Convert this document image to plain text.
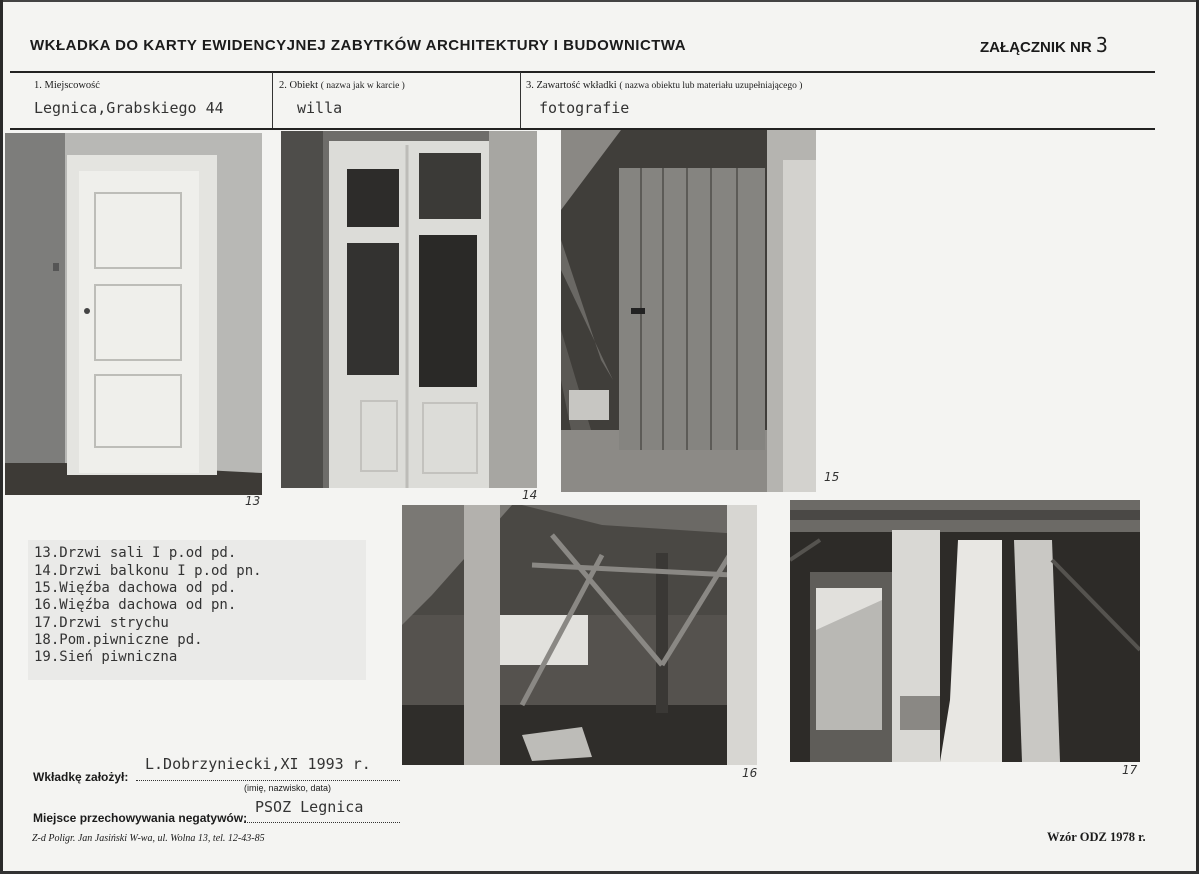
WKŁADKA DO KARTY EWIDENCYJNEJ ZABYTKÓW ARCHITEKTURY I BUDOWNICTWA	ZAŁĄCZNIK NR 3
1. Miejscowość
Legnica,Grabskiego 44
2. Obiekt ( nazwa jak w karcie )
willa
3. Zawartość wkładki ( nazwa obiektu lub materiału uzupełniającego )
fotografie
13	14
15
13.Drzwi sali I p.od pd.
14.Drzwi balkonu I p.od pn.
15.Więźba dachowa od pd.
16.Więźba dachowa od pn.
17.Drzwi strychu
18.Pom.piwniczne pd.
19.Sień piwniczna
16	17
L.Dobrzyniecki,XI 1993 r.
Wkładkę założył:
(imię, nazwisko, data)
PSOZ Legnica
Miejsce przechowywania negatywów:
Z-d Poligr. Jan Jasiński W-wa, ul. Wolna 13, tel. 12-43-85	Wzór ODZ 1978 r.
